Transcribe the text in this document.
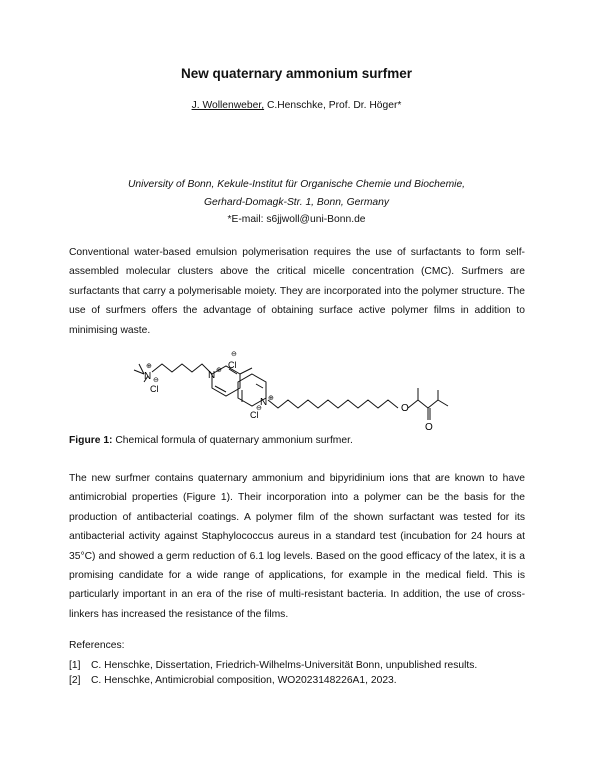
New quaternary ammonium surfmer
J. Wollenweber, C.Henschke, Prof. Dr. Höger*
University of Bonn, Kekule-Institut für Organische Chemie und Biochemie,
Gerhard-Domagk-Str. 1, Bonn, Germany
*E-mail: s6jjwoll@uni-Bonn.de
Conventional water-based emulsion polymerisation requires the use of surfactants to form self-assembled molecular clusters above the critical micelle concentration (CMC). Surfmers are surfactants that carry a polymerisable moiety. They are incorporated into the polymer structure. The use of surfmers offers the advantage of obtaining surface active polymer films in addition to minimising waste.
N
⊕
Cl
⊖	N ⊕
Cl
⊖
N ⊕
Cl
⊖	O
O
Figure 1: Chemical formula of quaternary ammonium surfmer.
The new surfmer contains quaternary ammonium and bipyridinium ions that are known to have antimicrobial properties (Figure 1). Their incorporation into a polymer can be the basis for the production of antibacterial coatings. A polymer film of the shown surfactant was tested for its antibacterial activity against Staphylococcus aureus in a standard test (incubation for 24 hours at 35°C) and showed a germ reduction of 6.1 log levels. Based on the good efficacy of the latex, it is a promising candidate for a wide range of applications, for example in the medical field. This is particularly important in an era of the rise of multi-resistant bacteria. In addition, the use of cross-linkers has increased the resistance of the films.
References:
[1]	C. Henschke, Dissertation, Friedrich-Wilhelms-Universität Bonn, unpublished results.
[2]	C. Henschke, Antimicrobial composition, WO2023148226A1, 2023.
